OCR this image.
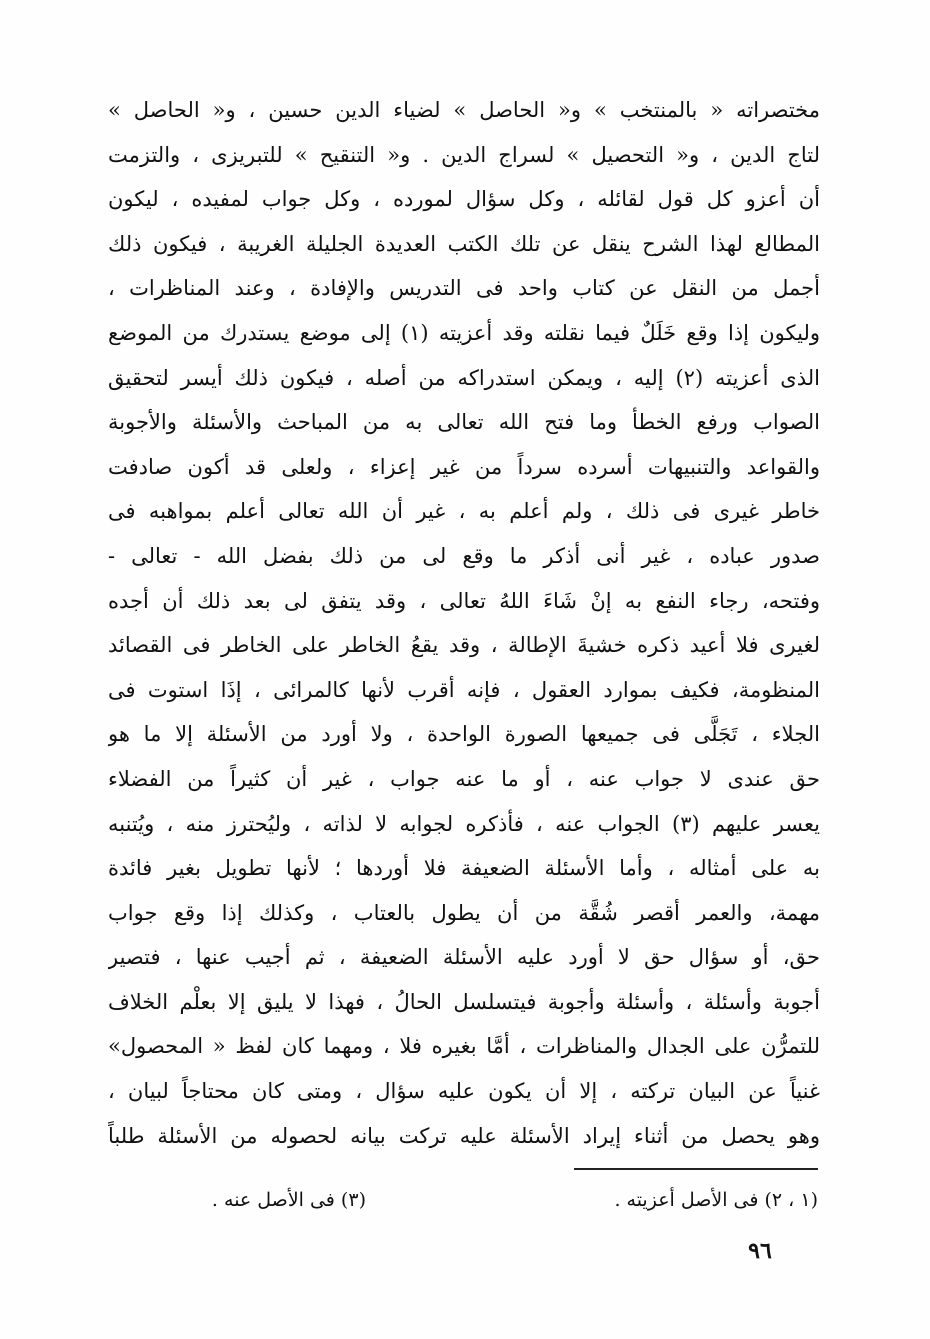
مختصراته « بالمنتخب » و« الحاصل » لضياء الدين حسين ، و« الحاصل »
لتاج الدين ، و« التحصيل » لسراج الدين . و« التنقيح » للتبريزى ، والتزمت
أن أعزو كل قول لقائله ، وكل سؤال لمورده ، وكل جواب لمفيده ، ليكون
المطالع لهذا الشرح ينقل عن تلك الكتب العديدة الجليلة الغريبة ، فيكون ذلك
أجمل من النقل عن كتاب واحد فى التدريس والإفادة ، وعند المناظرات ،
وليكون إذا وقع خَلَلٌ فيما نقلته وقد أعزيته (١) إلى موضع يستدرك من الموضع
الذى أعزيته (٢) إليه ، ويمكن استدراكه من أصله ، فيكون ذلك أيسر لتحقيق
الصواب ورفع الخطأ وما فتح الله تعالى به من المباحث والأسئلة والأجوبة
والقواعد والتنبيهات أسرده سرداً من غير إعزاء ، ولعلى قد أكون صادفت
خاطر غيرى فى ذلك ، ولم أعلم به ، غير أن الله تعالى أعلم بمواهبه فى
صدور عباده ، غير أنى أذكر ما وقع لى من ذلك بفضل الله - تعالى -
وفتحه، رجاء النفع به إنْ شَاءَ اللهُ تعالى ، وقد يتفق لى بعد ذلك أن أجده
لغيرى فلا أعيد ذكره خشيةَ الإطالة ، وقد يقعُ الخاطر على الخاطر فى القصائد
المنظومة، فكيف بموارد العقول ، فإنه أقرب لأنها كالمرائى ، إذَا استوت فى
الجلاء ، تَجَلَّى فى جميعها الصورة الواحدة ، ولا أورد من الأسئلة إلا ما هو
حق عندى لا جواب عنه ، أو ما عنه جواب ، غير أن كثيراً من الفضلاء
يعسر عليهم (٣) الجواب عنه ، فأذكره لجوابه لا لذاته ، وليُحترز منه ، ويُتنبه
به على أمثاله ، وأما الأسئلة الضعيفة فلا أوردها ؛ لأنها تطويل بغير فائدة
مهمة، والعمر أقصر شُقَّة من أن يطول بالعتاب ، وكذلك إذا وقع جواب
حق، أو سؤال حق لا أورد عليه الأسئلة الضعيفة ، ثم أجيب عنها ، فتصير
أجوبة وأسئلة ، وأسئلة وأجوبة فيتسلسل الحالُ ، فهذا لا يليق إلا بعلْم الخلاف
للتمرُّن على الجدال والمناظرات ، أمَّا بغيره فلا ، ومهما كان لفظ « المحصول»
غنياً عن البيان تركته ، إلا أن يكون عليه سؤال ، ومتى كان محتاجاً لبيان ،
وهو يحصل من أثناء إيراد الأسئلة عليه تركت بيانه لحصوله من الأسئلة طلباً
(١ ، ٢) فى الأصل أعزيته .
(٣) فى الأصل عنه .
٩٦
